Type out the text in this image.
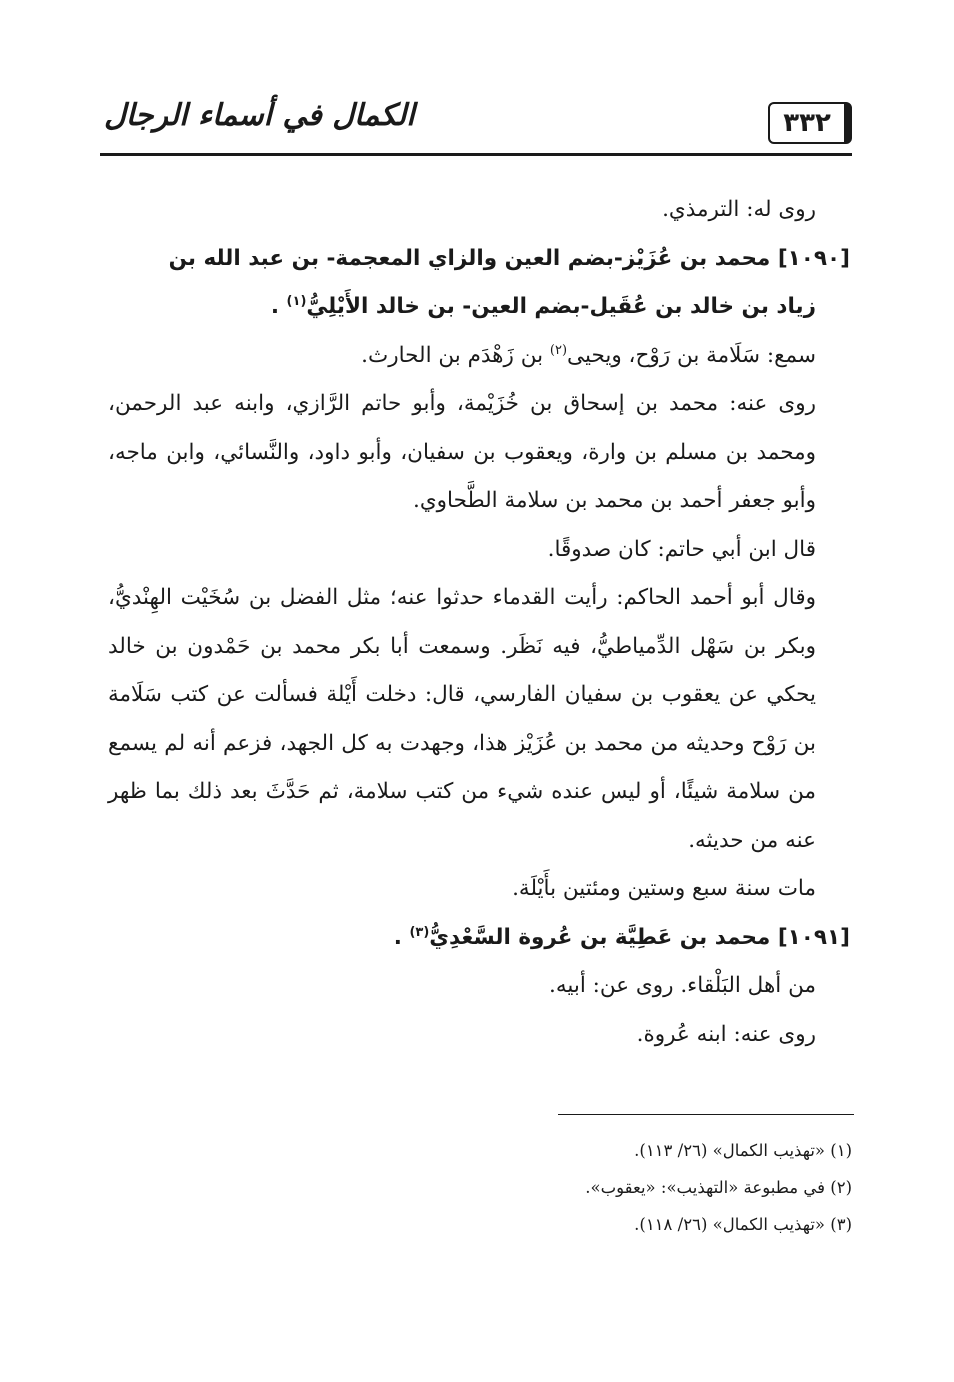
الكمال في أسماء الرجال	٣٣٢

روى له: الترمذي.

[١٠٩٠] محمد بن عُزَيْز-بضم العين والزاي المعجمة- بن عبد الله بن
زياد بن خالد بن عُقَيل-بضم العين- بن خالد الأَيْلِيُّ$^{(١)}$ .

سمع: سَلَامة بن رَوْح، ويحيى$^{(٢)}$ بن زَهْدَم بن الحارث.

روى عنه: محمد بن إسحاق بن خُزَيْمة، وأبو حاتم الرَّازي، وابنه عبد الرحمن، ومحمد بن مسلم بن وارة، ويعقوب بن سفيان، وأبو داود، والنَّسائي، وابن ماجه، وأبو جعفر أحمد بن محمد بن سلامة الطَّحاوي.

قال ابن أبي حاتم: كان صدوقًا.

وقال أبو أحمد الحاكم: رأيت القدماء حدثوا عنه؛ مثل الفضل بن سُخَيْت الهِنْديُّ، وبكر بن سَهْل الدِّمياطيُّ، فيه نَظَر. وسمعت أبا بكر محمد بن حَمْدون بن خالد يحكي عن يعقوب بن سفيان الفارسي، قال: دخلت أَيْلة فسألت عن كتب سَلَامة بن رَوْح وحديثه من محمد بن عُزَيْز هذا، وجهدت به كل الجهد، فزعم أنه لم يسمع من سلامة شيئًا، أو ليس عنده شيء من كتب سلامة، ثم حَدَّثَ بعد ذلك بما ظهر عنه من حديثه.

مات سنة سبع وستين ومئتين بأَيْلَة.

[١٠٩١] محمد بن عَطِيَّة بن عُروة السَّعْدِيُّ$^{(٣)}$ .

من أهل البَلْقاء. روى عن: أبيه.

روى عنه: ابنه عُروة.

(١) «تهذيب الكمال» (٢٦/ ١١٣).

(٢) في مطبوعة «التهذيب»: «يعقوب».

(٣) «تهذيب الكمال» (٢٦/ ١١٨).
